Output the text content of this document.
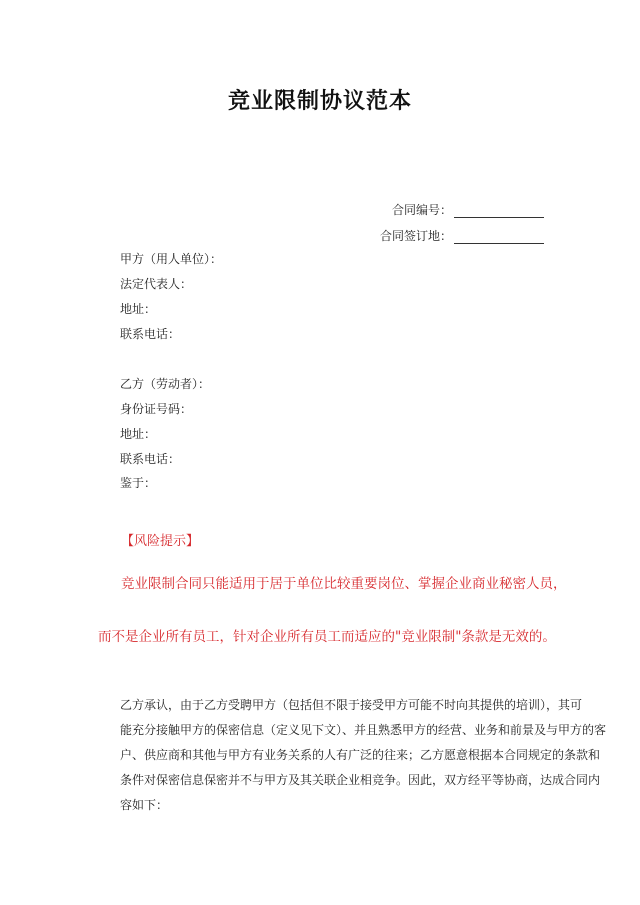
竞业限制协议范本
合同编号：
合同签订地：
甲方（用人单位）：
法定代表人：
地址：
联系电话：
乙方（劳动者）：
身份证号码：
地址：
联系电话：
鉴于：
【风险提示】
竞业限制合同只能适用于居于单位比较重要岗位、掌握企业商业秘密人员，
而不是企业所有员工，针对企业所有员工而适应的"竞业限制"条款是无效的。
乙方承认，由于乙方受聘甲方（包括但不限于接受甲方可能不时向其提供的培训），其可
能充分接触甲方的保密信息（定义见下文）、并且熟悉甲方的经营、业务和前景及与甲方的客
户、供应商和其他与甲方有业务关系的人有广泛的往来；乙方愿意根据本合同规定的条款和
条件对保密信息保密并不与甲方及其关联企业相竞争。因此，双方经平等协商，达成合同内
容如下：
